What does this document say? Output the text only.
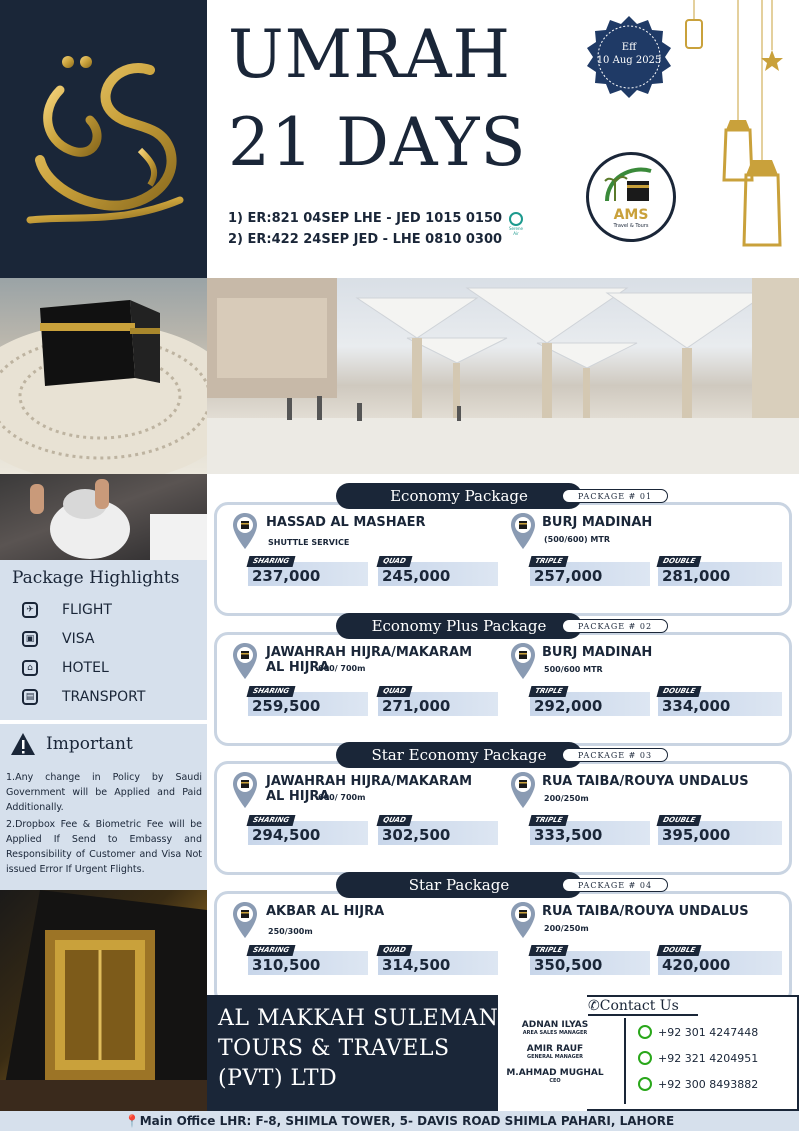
Package Highlights
✈ FLIGHT
▣ VISA
⌂ HOTEL
▤ TRANSPORT
Important
1.Any change in Policy by Saudi Government will be Applied and Paid Additionally.
2.Dropbox Fee & Biometric Fee will be Applied If Send to Embassy and Responsibility of Customer and Visa Not issued Error If Urgent Flights.
UMRAH
21 DAYS
1) ER:821 04SEP LHE - JED 1015 0150
2) ER:422 24SEP JED - LHE 0810 0300
Serene Air
Eff
10 Aug 2025
AMS
Travel & Tours
Economy Package	PACKAGE # 01
HASSAD AL MASHAER
SHUTTLE SERVICE
BURJ MADINAH
(500/600) MTR
SHARING
237,000
QUAD
245,000
TRIPLE
257,000
DOUBLE
281,000
Economy Plus Package	PACKAGE # 02
JAWAHRAH HIJRA/MAKARAM AL HIJRA
600/ 700m
BURJ MADINAH
500/600 MTR
SHARING
259,500
QUAD
271,000
TRIPLE
292,000
DOUBLE
334,000
Star Economy Package	PACKAGE # 03
JAWAHRAH HIJRA/MAKARAM AL HIJRA
600/ 700m
RUA TAIBA/ROUYA UNDALUS
200/250m
SHARING
294,500
QUAD
302,500
TRIPLE
333,500
DOUBLE
395,000
Star Package	PACKAGE # 04
AKBAR AL HIJRA
250/300m
RUA TAIBA/ROUYA UNDALUS
200/250m
SHARING
310,500
QUAD
314,500
TRIPLE
350,500
DOUBLE
420,000
AL MAKKAH SULEMAN
TOURS & TRAVELS
(PVT) LTD
✆Contact Us
ADNAN ILYAS
AREA SALES MANAGER
AMIR RAUF
GENERAL MANAGER
M.AHMAD MUGHAL
CEO
+92 301 4247448
+92 321 4204951
+92 300 8493882
📍Main Office LHR: F-8, SHIMLA TOWER, 5- DAVIS ROAD SHIMLA PAHARI, LAHORE
